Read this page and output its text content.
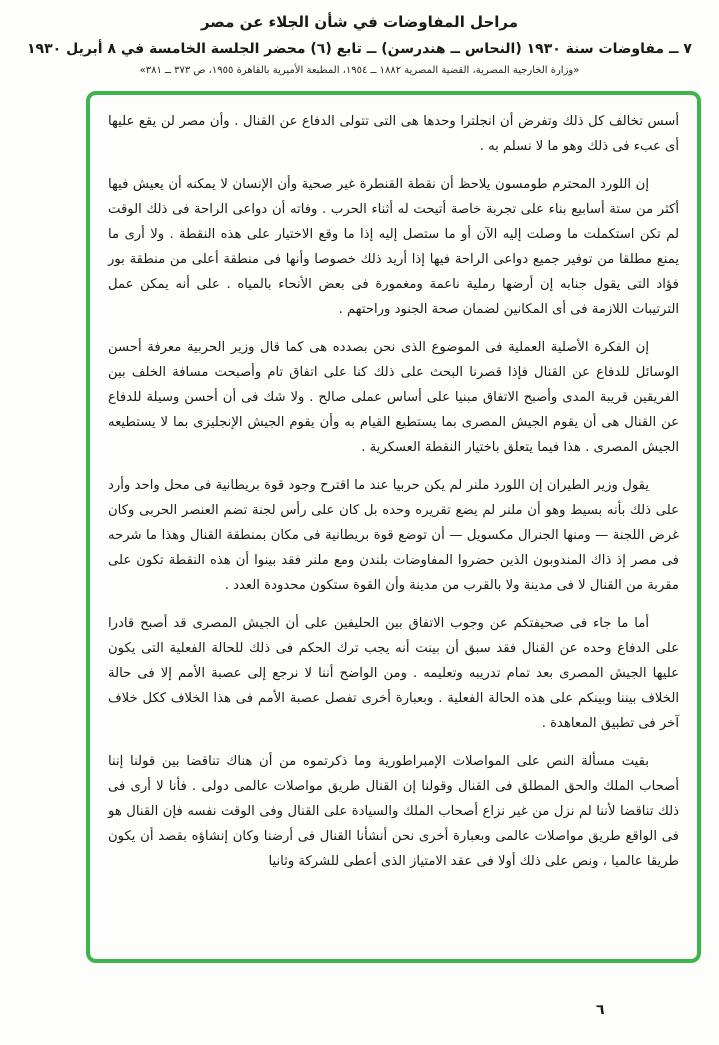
مراحل المفاوضات في شأن الجلاء عن مصر
٧ ــ مفاوضات سنة ١٩٣٠ (النحاس ــ هندرسن) ــ تابع (٦) محضر الجلسة الخامسة في ٨ أبريل ١٩٣٠
«وزارة الخارجية المصرية، القضية المصرية ١٨٨٢ ــ ١٩٥٤، المطبعة الأميرية بالقاهرة ١٩٥٥، ص ٣٧٣ ــ ٣٨١»

أسس تخالف كل ذلك وتفرض أن انجلترا وحدها هى التى تتولى الدفاع عن القنال . وأن مصر لن يقع عليها أى عبء فى ذلك وهو ما لا نسلم به .

إن اللورد المحترم طومسون يلاحظ أن نقطة القنطرة غير صحية وأن الإنسان لا يمكنه أن يعيش فيها أكثر من ستة أسابيع بناء على تجربة خاصة أتيحت له أثناء الحرب . وفاته أن دواعى الراحة فى ذلك الوقت لم تكن استكملت ما وصلت إليه الآن أو ما ستصل إليه إذا ما وقع الاختيار على هذه النقطة . ولا أرى ما يمنع مطلقا من توفير جميع دواعى الراحة فيها إذا أريد ذلك خصوصا وأنها فى منطقة أعلى من منطقة بور فؤاد التى يقول جنابه إن أرضها رملية ناعمة ومغمورة فى بعض الأنحاء بالمياه . على أنه يمكن عمل الترتيبات اللازمة فى أى المكانين لضمان صحة الجنود وراحتهم .

إن الفكرة الأصلية العملية فى الموضوع الذى نحن بصدده هى كما قال وزير الحربية معرفة أحسن الوسائل للدفاع عن القنال فإذا قصرنا البحث على ذلك كنا على اتفاق تام وأصبحت مسافة الخلف بين الفريقين قريبة المدى وأصبح الاتفاق مبنيا على أساس عملى صالح . ولا شك فى أن أحسن وسيلة للدفاع عن القنال هى أن يقوم الجيش المصرى بما يستطيع القيام به وأن يقوم الجيش الإنجليزى بما لا يستطيعه الجيش المصرى . هذا فيما يتعلق باختيار النقطة العسكرية .

يقول وزير الطيران إن اللورد ملنر لم يكن حربيا عند ما اقترح وجود قوة بريطانية فى محل واحد وأرد على ذلك بأنه بسيط وهو أن ملنر لم يضع تقريره وحده بل كان على رأس لجنة تضم العنصر الحربى وكان غرض اللجنة — ومنها الجنرال مكسويل — أن توضع قوة بريطانية فى مكان بمنطقة القنال وهذا ما شرحه فى مصر إذ ذاك المندوبون الذين حضروا المفاوضات بلندن ومع ملنر فقد بينوا أن هذه النقطة تكون على مقربة من القنال لا فى مدينة ولا بالقرب من مدينة وأن القوة ستكون محدودة العدد .

أما ما جاء فى صحيفتكم عن وجوب الاتفاق بين الحليفين على أن الجيش المصرى قد أصبح قادرا على الدفاع وحده عن القنال فقد سبق أن بينت أنه يجب ترك الحكم فى ذلك للحالة الفعلية التى يكون عليها الجيش المصرى بعد تمام تدريبه وتعليمه . ومن الواضح أننا لا نرجع إلى عصبة الأمم إلا فى حالة الخلاف بيننا وبينكم على هذه الحالة الفعلية . وبعبارة أخرى تفصل عصبة الأمم فى هذا الخلاف ككل خلاف آخر فى تطبيق المعاهدة .

بقيت مسألة النص على المواصلات الإمبراطورية وما ذكرتموه من أن هناك تناقضا بين قولنا إننا أصحاب الملك والحق المطلق فى القنال وقولنا إن القنال طريق مواصلات عالمى دولى . فأنا لا أرى فى ذلك تناقضا لأننا لم نزل من غير نزاع أصحاب الملك والسيادة على القنال وفى الوقت نفسه فإن القنال هو فى الواقع طريق مواصلات عالمى وبعبارة أخرى نحن أنشأنا القنال فى أرضنا وكان إنشاؤه بقصد أن يكون طريقا عالميا ، ونص على ذلك أولا فى عقد الامتياز الذى أعطى للشركة وثانيا

٦
